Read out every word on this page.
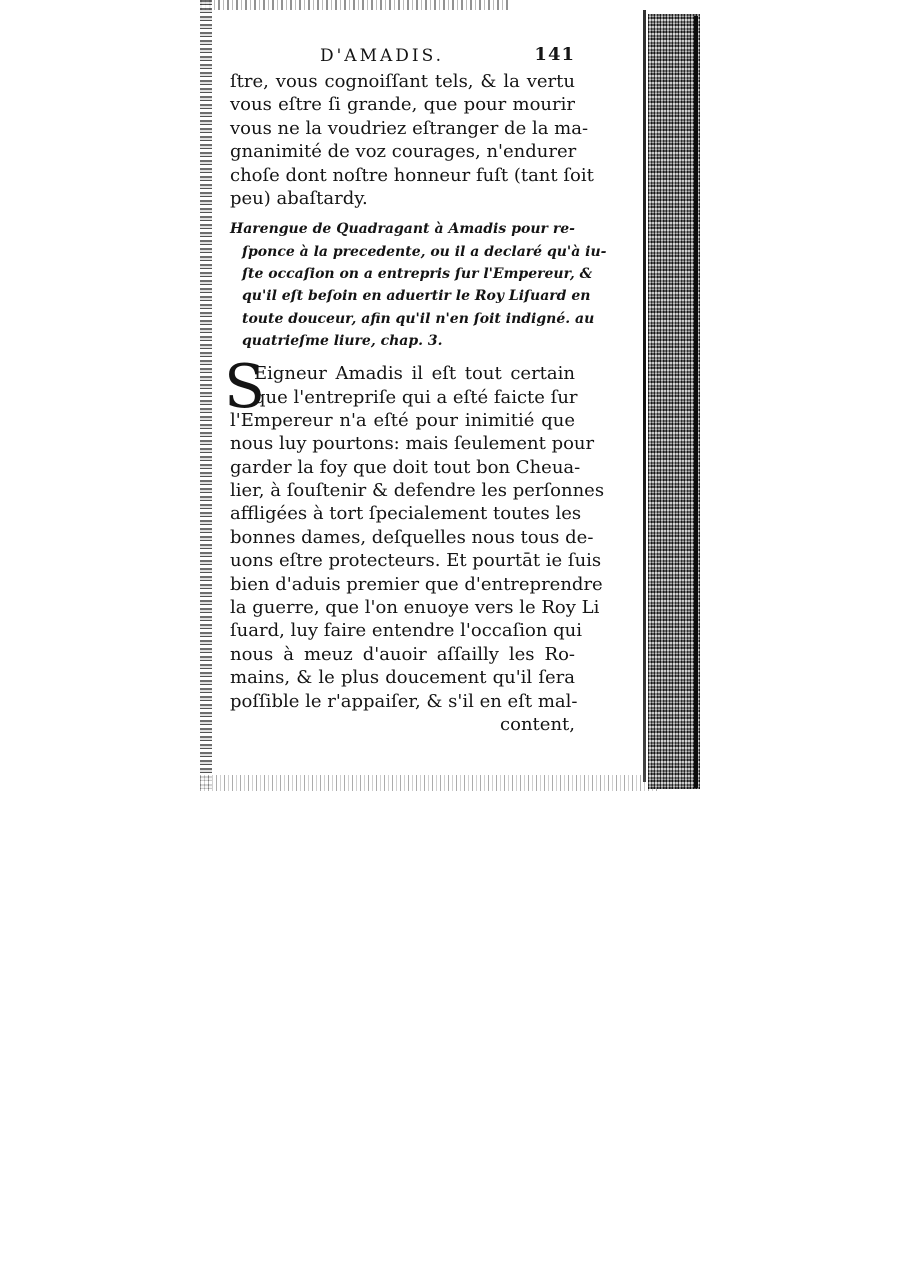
D'AMADIS.	141
ſtre, vous cognoiſſant tels, & la vertu
vous eſtre ſi grande, que pour mourir
vous ne la voudriez eſtranger de la ma-
gnanimité de voz courages, n'endurer
choſe dont noſtre honneur fuſt (tant ſoit
peu) abaſtardy.
Harengue de Quadragant à Amadis pour re-
ſponce à la precedente, ou il a declaré qu'à iu-
ſte occaſion on a entrepris ſur l'Empereur, &
qu'il eſt beſoin en aduertir le Roy Liſuard en
toute douceur, afin qu'il n'en ſoit indigné. au
quatrieſme liure, chap. 3.
S
Eigneur Amadis il eſt tout certain
que l'entrepriſe qui a eſté faicte ſur
l'Empereur n'a eſté pour inimitié que
nous luy pourtons: mais ſeulement pour
garder la foy que doit tout bon Cheua-
lier, à ſouſtenir & defendre les perſonnes
affligées à tort ſpecialement toutes les
bonnes dames, deſquelles nous tous de-
uons eſtre protecteurs. Et pourtāt ie ſuis
bien d'aduis premier que d'entreprendre
la guerre, que l'on enuoye vers le Roy Li
ſuard, luy faire entendre l'occaſion qui
nous à meuz d'auoir aſſailly les Ro-
mains, & le plus doucement qu'il ſera
poſſible le r'appaiſer, & s'il en eſt mal-
content,
